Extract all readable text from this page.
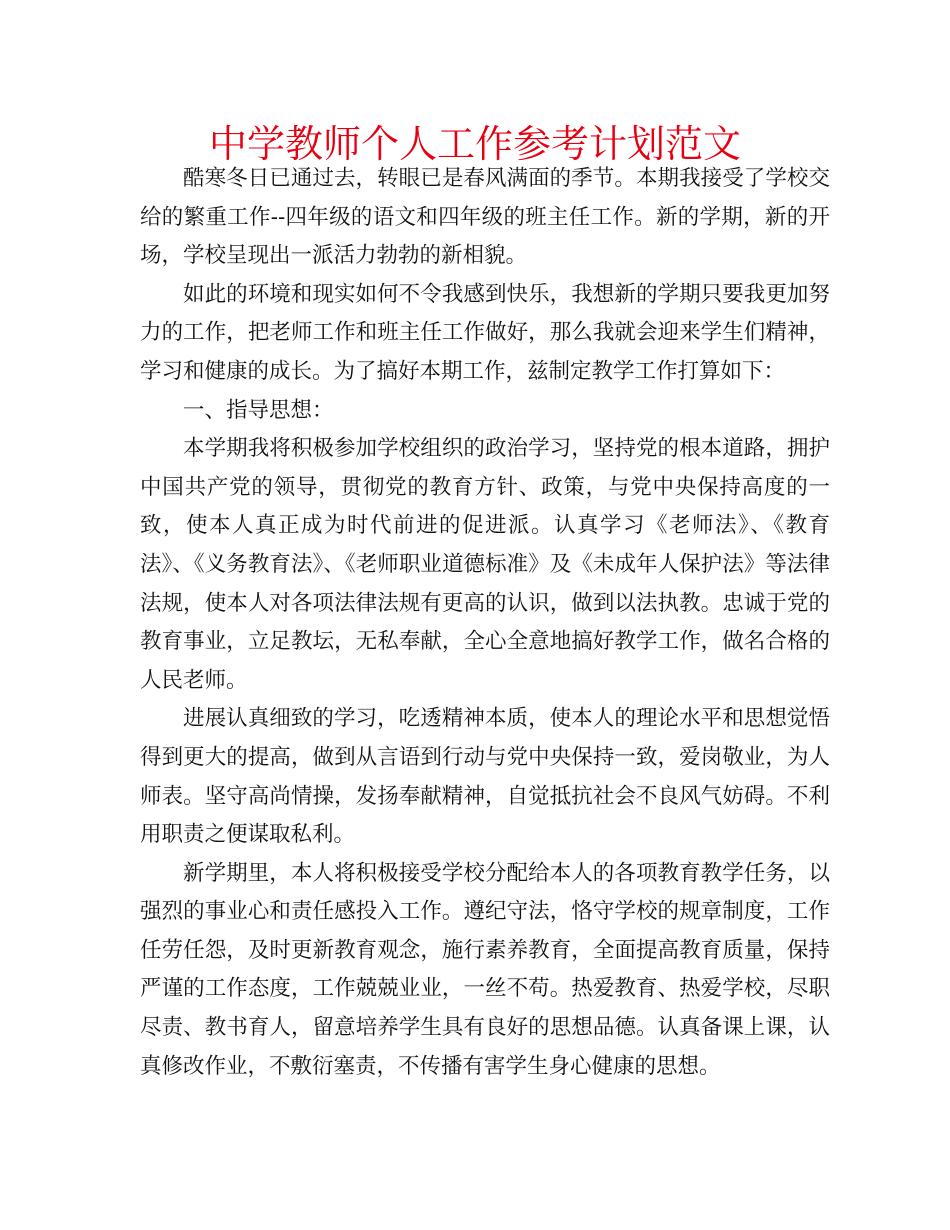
中学教师个人工作参考计划范文

酷寒冬日已通过去，转眼已是春风满面的季节。本期我接受了学校交给的繁重工作--四年级的语文和四年级的班主任工作。新的学期，新的开场，学校呈现出一派活力勃勃的新相貌。

如此的环境和现实如何不令我感到快乐，我想新的学期只要我更加努力的工作，把老师工作和班主任工作做好，那么我就会迎来学生们精神，学习和健康的成长。为了搞好本期工作，兹制定教学工作打算如下：

一、指导思想：

本学期我将积极参加学校组织的政治学习，坚持党的根本道路，拥护中国共产党的领导，贯彻党的教育方针、政策，与党中央保持高度的一致，使本人真正成为时代前进的促进派。认真学习《老师法》、《教育法》、《义务教育法》、《老师职业道德标准》及《未成年人保护法》等法律法规，使本人对各项法律法规有更高的认识，做到以法执教。忠诚于党的教育事业，立足教坛，无私奉献，全心全意地搞好教学工作，做名合格的人民老师。

进展认真细致的学习，吃透精神本质，使本人的理论水平和思想觉悟得到更大的提高，做到从言语到行动与党中央保持一致，爱岗敬业，为人师表。坚守高尚情操，发扬奉献精神，自觉抵抗社会不良风气妨碍。不利用职责之便谋取私利。

新学期里，本人将积极接受学校分配给本人的各项教育教学任务，以强烈的事业心和责任感投入工作。遵纪守法，恪守学校的规章制度，工作任劳任怨，及时更新教育观念，施行素养教育，全面提高教育质量，保持严谨的工作态度，工作兢兢业业，一丝不苟。热爱教育、热爱学校，尽职尽责、教书育人，留意培养学生具有良好的思想品德。认真备课上课，认真修改作业，不敷衍塞责，不传播有害学生身心健康的思想。
